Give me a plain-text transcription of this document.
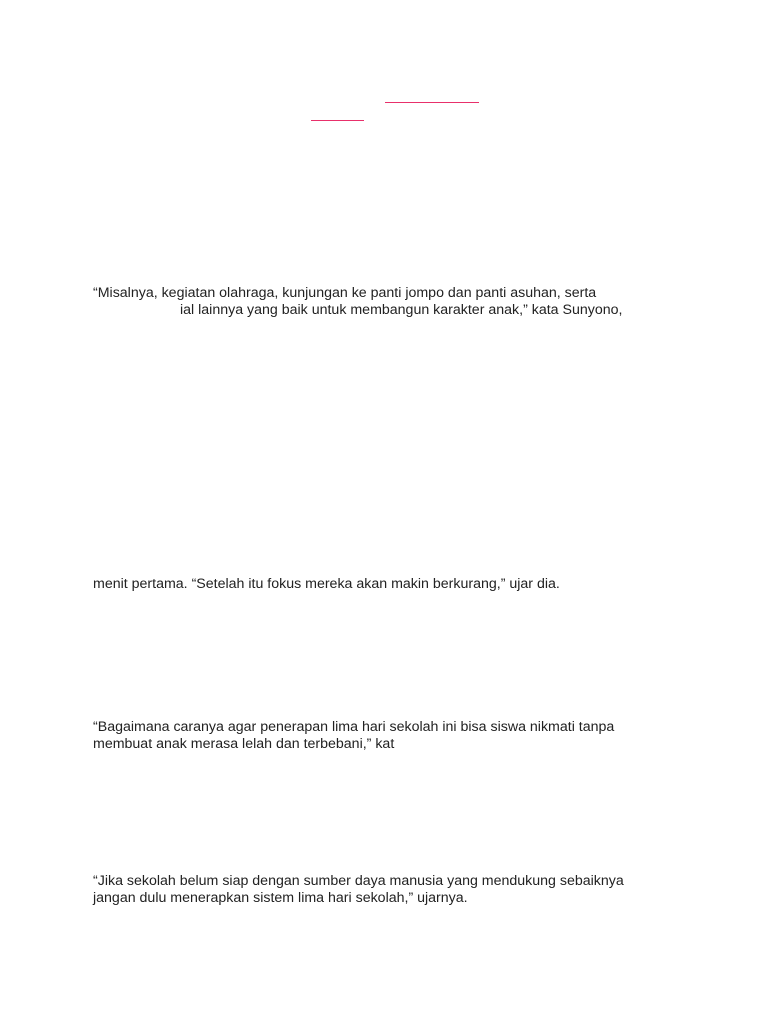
“Misalnya, kegiatan olahraga, kunjungan ke panti jompo dan panti asuhan, serta
ial lainnya yang baik untuk membangun karakter anak,” kata Sunyono,
menit pertama. “Setelah itu fokus mereka akan makin berkurang,” ujar dia.
“Bagaimana caranya agar penerapan lima hari sekolah ini bisa siswa nikmati tanpa
membuat anak merasa lelah dan terbebani,” kat
“Jika sekolah belum siap dengan sumber daya manusia yang mendukung sebaiknya
jangan dulu menerapkan sistem lima hari sekolah,” ujarnya.
